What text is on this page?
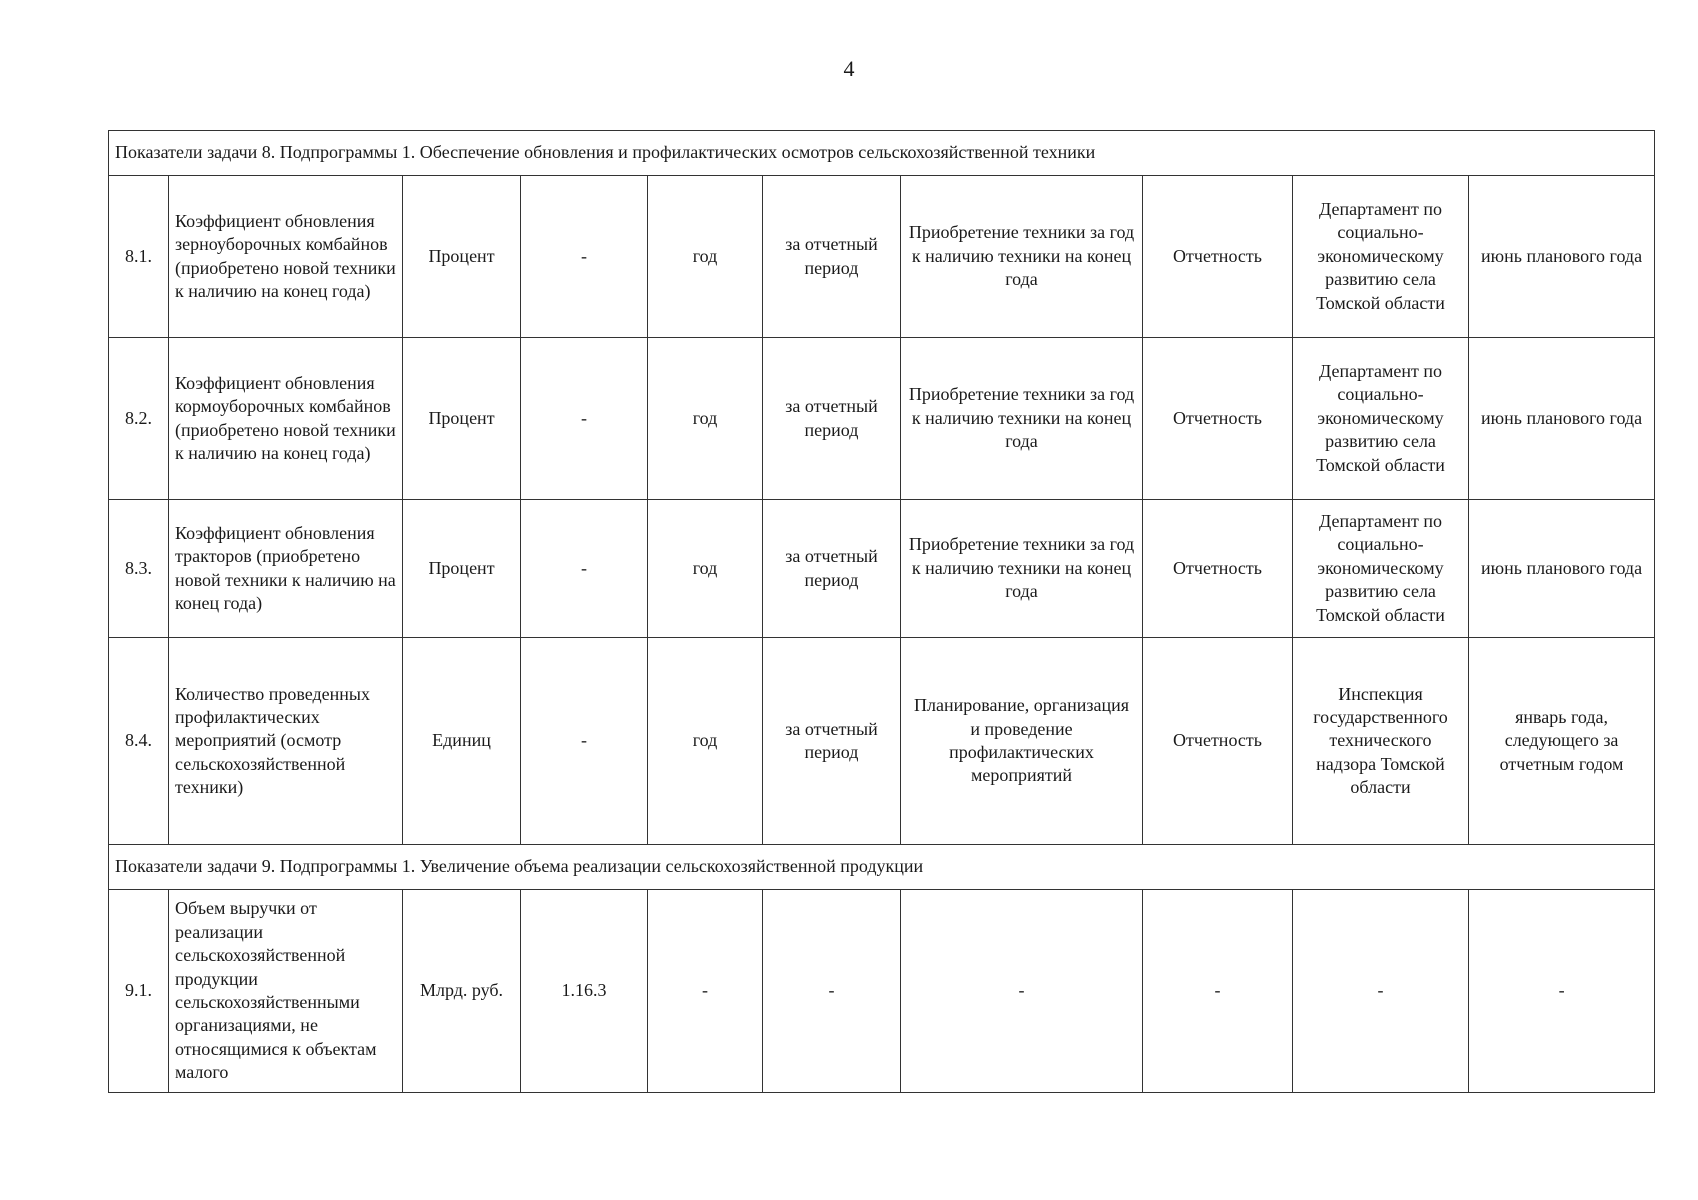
4
Показатели задачи 8. Подпрограммы 1. Обеспечение обновления и профилактических осмотров сельскохозяйственной техники									
8.1.	Коэффициент обновления зерноуборочных комбайнов (приобретено новой техники к наличию на конец года)	Процент	-	год	за отчетный период	Приобретение техники за год к наличию техники на конец года	Отчетность	Департамент по социально-экономическому развитию села Томской области	июнь планового года
8.2.	Коэффициент обновления кормоуборочных комбайнов (приобретено новой техники к наличию на конец года)	Процент	-	год	за отчетный период	Приобретение техники за год к наличию техники на конец года	Отчетность	Департамент по социально-экономическому развитию села Томской области	июнь планового года
8.3.	Коэффициент обновления тракторов (приобретено новой техники к наличию на конец года)	Процент	-	год	за отчетный период	Приобретение техники за год к наличию техники на конец года	Отчетность	Департамент по социально-экономическому развитию села Томской области	июнь планового года
8.4.	Количество проведенных профилактических мероприятий (осмотр сельскохозяйственной техники)	Единиц	-	год	за отчетный период	Планирование, организация и проведение профилактических мероприятий	Отчетность	Инспекция государственного технического надзора Томской области	январь года, следующего за отчетным годом
Показатели задачи 9. Подпрограммы 1. Увеличение объема реализации сельскохозяйственной продукции									
9.1.	Объем выручки от реализации сельскохозяйственной продукции сельскохозяйственными организациями, не относящимися к объектам малого	Млрд. руб.	1.16.3	-	-	-	-	-	-
